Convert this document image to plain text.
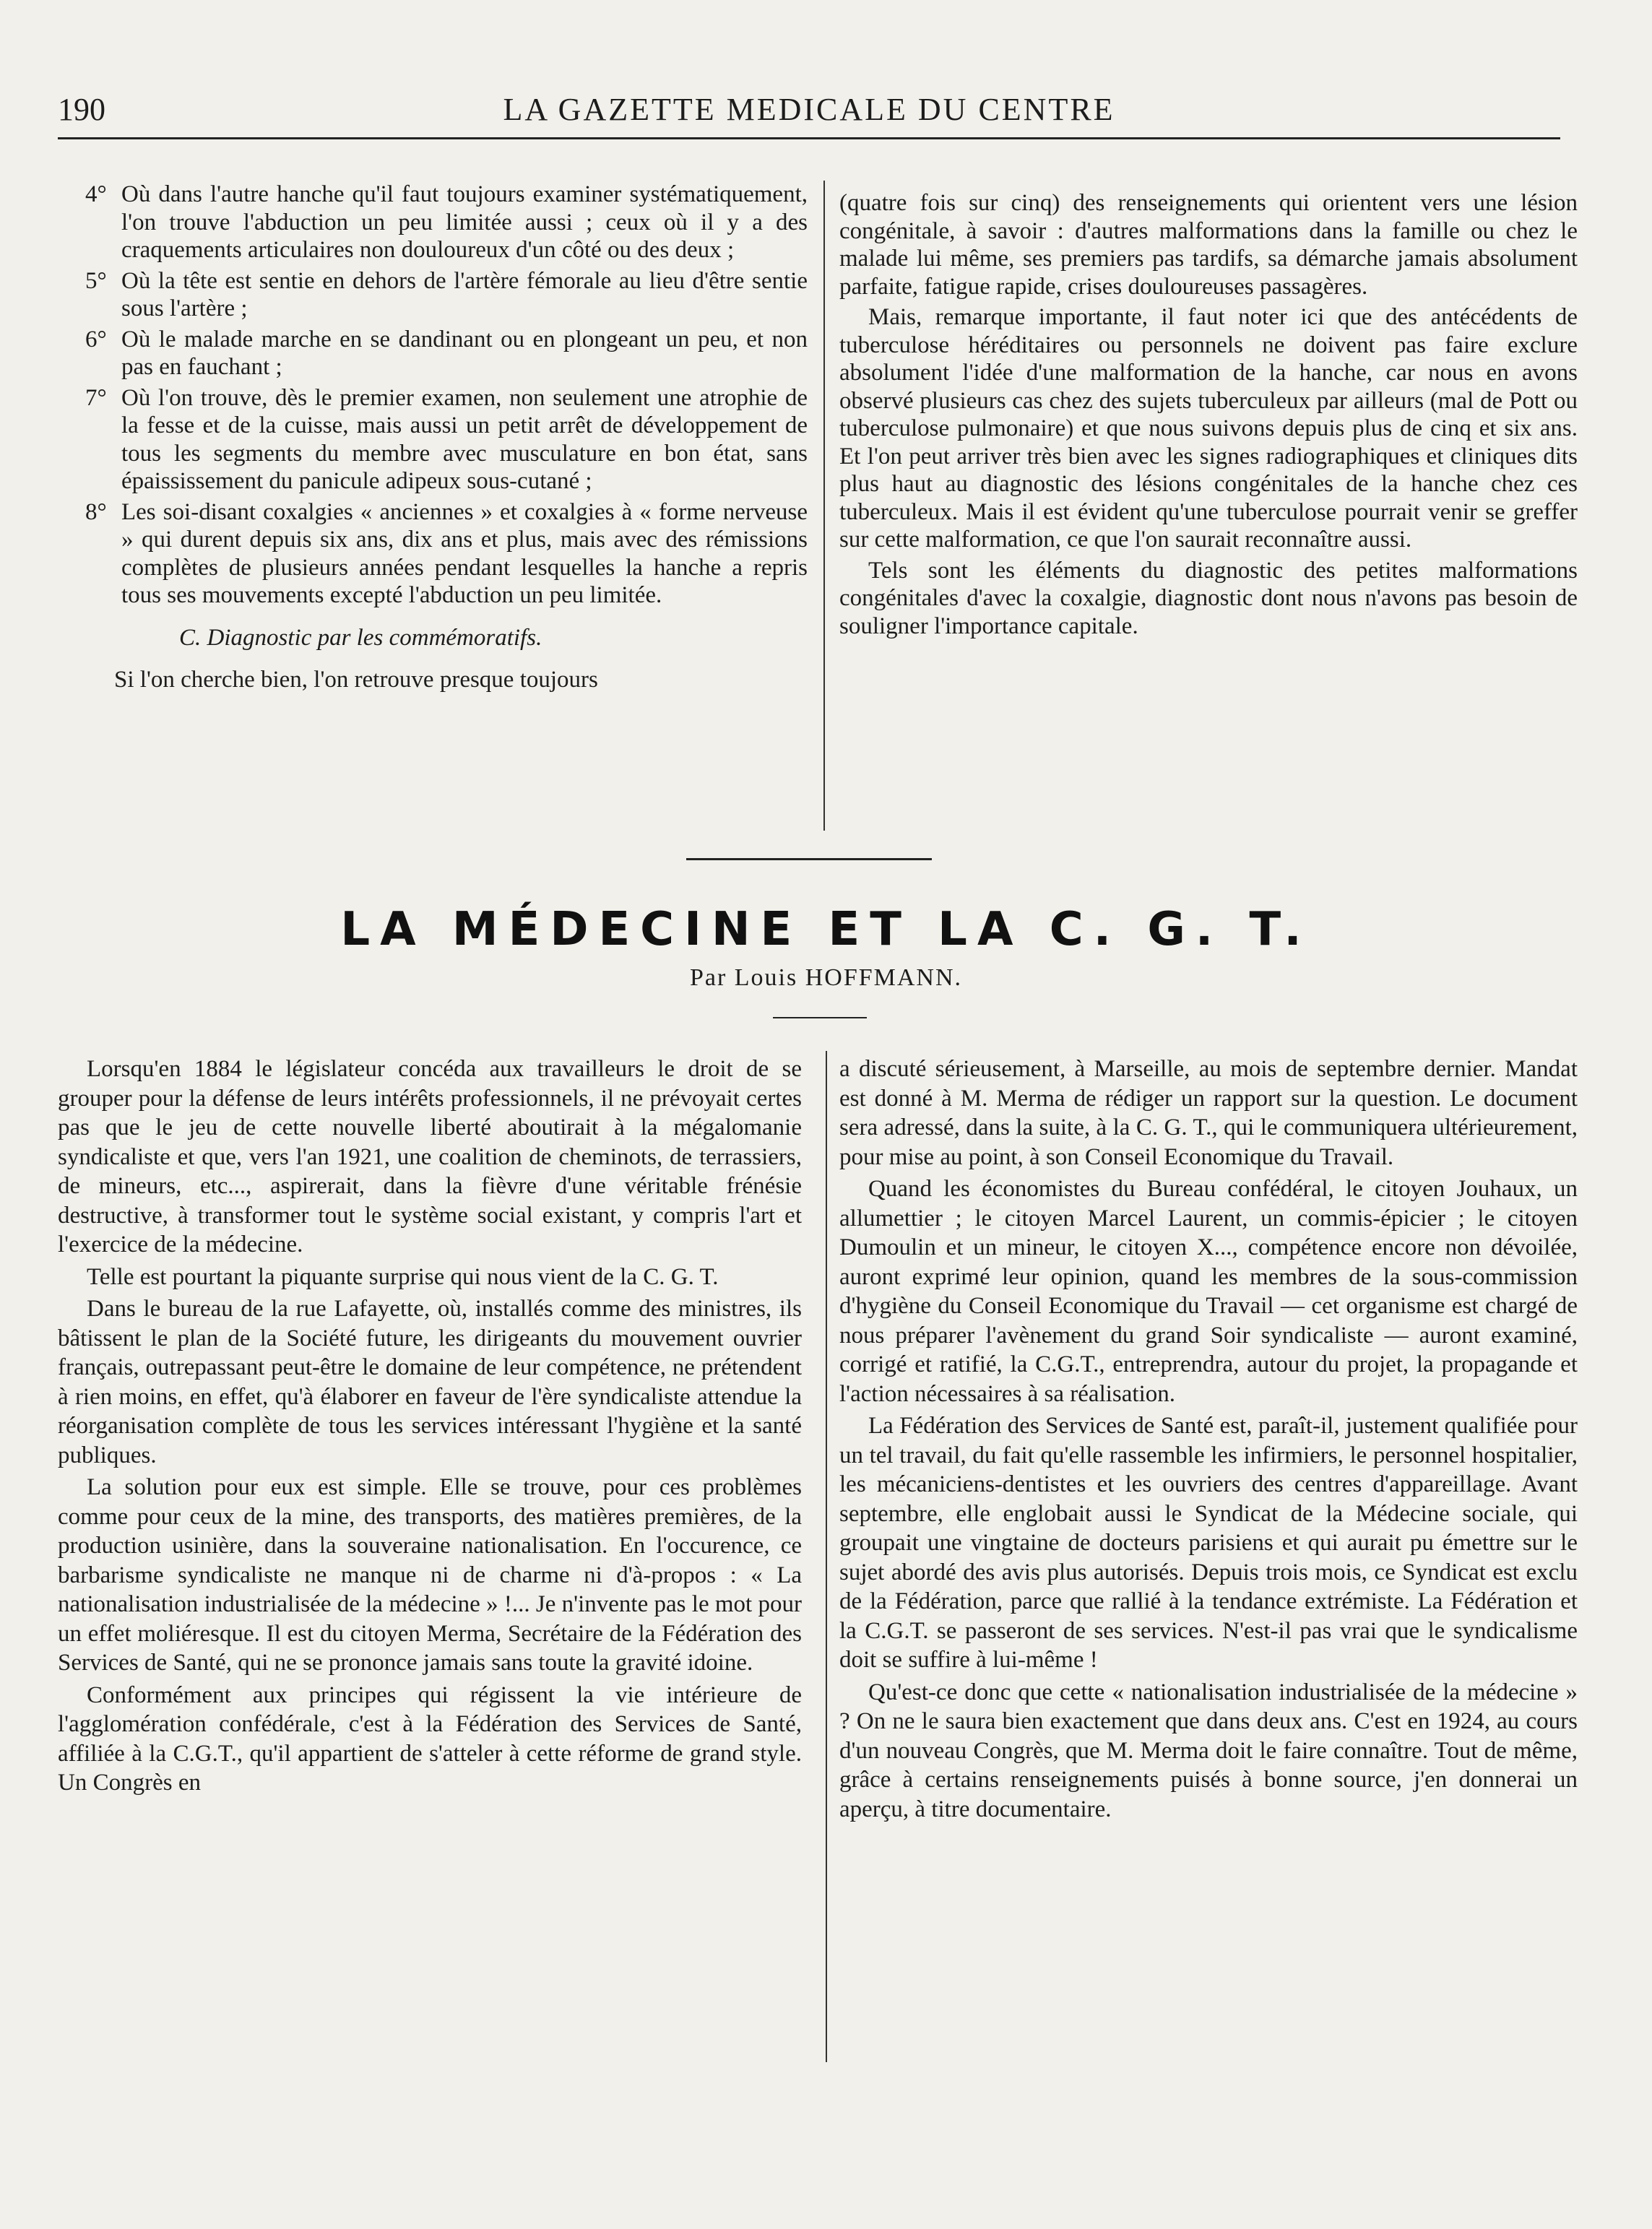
190	LA GAZETTE MEDICALE DU CENTRE

4° Où dans l'autre hanche qu'il faut toujours examiner systématiquement, l'on trouve l'abduction un peu limitée aussi ; ceux où il y a des craquements articulaires non douloureux d'un côté ou des deux ;

5° Où la tête est sentie en dehors de l'artère fémorale au lieu d'être sentie sous l'artère ;

6° Où le malade marche en se dandinant ou en plongeant un peu, et non pas en fauchant ;

7° Où l'on trouve, dès le premier examen, non seulement une atrophie de la fesse et de la cuisse, mais aussi un petit arrêt de développement de tous les segments du membre avec musculature en bon état, sans épaississement du panicule adipeux sous-cutané ;

8° Les soi-disant coxalgies « anciennes » et coxalgies à « forme nerveuse » qui durent depuis six ans, dix ans et plus, mais avec des rémissions complètes de plusieurs années pendant lesquelles la hanche a repris tous ses mouvements excepté l'abduction un peu limitée.

C. Diagnostic par les commémoratifs.

Si l'on cherche bien, l'on retrouve presque toujours

(quatre fois sur cinq) des renseignements qui orientent vers une lésion congénitale, à savoir : d'autres malformations dans la famille ou chez le malade lui même, ses premiers pas tardifs, sa démarche jamais absolument parfaite, fatigue rapide, crises douloureuses passagères.

Mais, remarque importante, il faut noter ici que des antécédents de tuberculose héréditaires ou personnels ne doivent pas faire exclure absolument l'idée d'une malformation de la hanche, car nous en avons observé plusieurs cas chez des sujets tuberculeux par ailleurs (mal de Pott ou tuberculose pulmonaire) et que nous suivons depuis plus de cinq et six ans. Et l'on peut arriver très bien avec les signes radiographiques et cliniques dits plus haut au diagnostic des lésions congénitales de la hanche chez ces tuberculeux. Mais il est évident qu'une tuberculose pourrait venir se greffer sur cette malformation, ce que l'on saurait reconnaître aussi.

Tels sont les éléments du diagnostic des petites malformations congénitales d'avec la coxalgie, diagnostic dont nous n'avons pas besoin de souligner l'importance capitale.

LA MÉDECINE ET LA C. G. T.
Par Louis HOFFMANN.

Lorsqu'en 1884 le législateur concéda aux travailleurs le droit de se grouper pour la défense de leurs intérêts professionnels, il ne prévoyait certes pas que le jeu de cette nouvelle liberté aboutirait à la mégalomanie syndicaliste et que, vers l'an 1921, une coalition de cheminots, de terrassiers, de mineurs, etc..., aspirerait, dans la fièvre d'une véritable frénésie destructive, à transformer tout le système social existant, y compris l'art et l'exercice de la médecine.

Telle est pourtant la piquante surprise qui nous vient de la C. G. T.

Dans le bureau de la rue Lafayette, où, installés comme des ministres, ils bâtissent le plan de la Société future, les dirigeants du mouvement ouvrier français, outrepassant peut-être le domaine de leur compétence, ne prétendent à rien moins, en effet, qu'à élaborer en faveur de l'ère syndicaliste attendue la réorganisation complète de tous les services intéressant l'hygiène et la santé publiques.

La solution pour eux est simple. Elle se trouve, pour ces problèmes comme pour ceux de la mine, des transports, des matières premières, de la production usinière, dans la souveraine nationalisation. En l'occurence, ce barbarisme syndicaliste ne manque ni de charme ni d'à-propos : « La nationalisation industrialisée de la médecine » !... Je n'invente pas le mot pour un effet moliéresque. Il est du citoyen Merma, Secrétaire de la Fédération des Services de Santé, qui ne se prononce jamais sans toute la gravité idoine.

Conformément aux principes qui régissent la vie intérieure de l'agglomération confédérale, c'est à la Fédération des Services de Santé, affiliée à la C.G.T., qu'il appartient de s'atteler à cette réforme de grand style. Un Congrès en

a discuté sérieusement, à Marseille, au mois de septembre dernier. Mandat est donné à M. Merma de rédiger un rapport sur la question. Le document sera adressé, dans la suite, à la C. G. T., qui le communiquera ultérieurement, pour mise au point, à son Conseil Economique du Travail.

Quand les économistes du Bureau confédéral, le citoyen Jouhaux, un allumettier ; le citoyen Marcel Laurent, un commis-épicier ; le citoyen Dumoulin et un mineur, le citoyen X..., compétence encore non dévoilée, auront exprimé leur opinion, quand les membres de la sous-commission d'hygiène du Conseil Economique du Travail — cet organisme est chargé de nous préparer l'avènement du grand Soir syndicaliste — auront examiné, corrigé et ratifié, la C.G.T., entreprendra, autour du projet, la propagande et l'action nécessaires à sa réalisation.

La Fédération des Services de Santé est, paraît-il, justement qualifiée pour un tel travail, du fait qu'elle rassemble les infirmiers, le personnel hospitalier, les mécaniciens-dentistes et les ouvriers des centres d'appareillage. Avant septembre, elle englobait aussi le Syndicat de la Médecine sociale, qui groupait une vingtaine de docteurs parisiens et qui aurait pu émettre sur le sujet abordé des avis plus autorisés. Depuis trois mois, ce Syndicat est exclu de la Fédération, parce que rallié à la tendance extrémiste. La Fédération et la C.G.T. se passeront de ses services. N'est-il pas vrai que le syndicalisme doit se suffire à lui-même !

Qu'est-ce donc que cette « nationalisation industrialisée de la médecine » ? On ne le saura bien exactement que dans deux ans. C'est en 1924, au cours d'un nouveau Congrès, que M. Merma doit le faire connaître. Tout de même, grâce à certains renseignements puisés à bonne source, j'en donnerai un aperçu, à titre documentaire.
